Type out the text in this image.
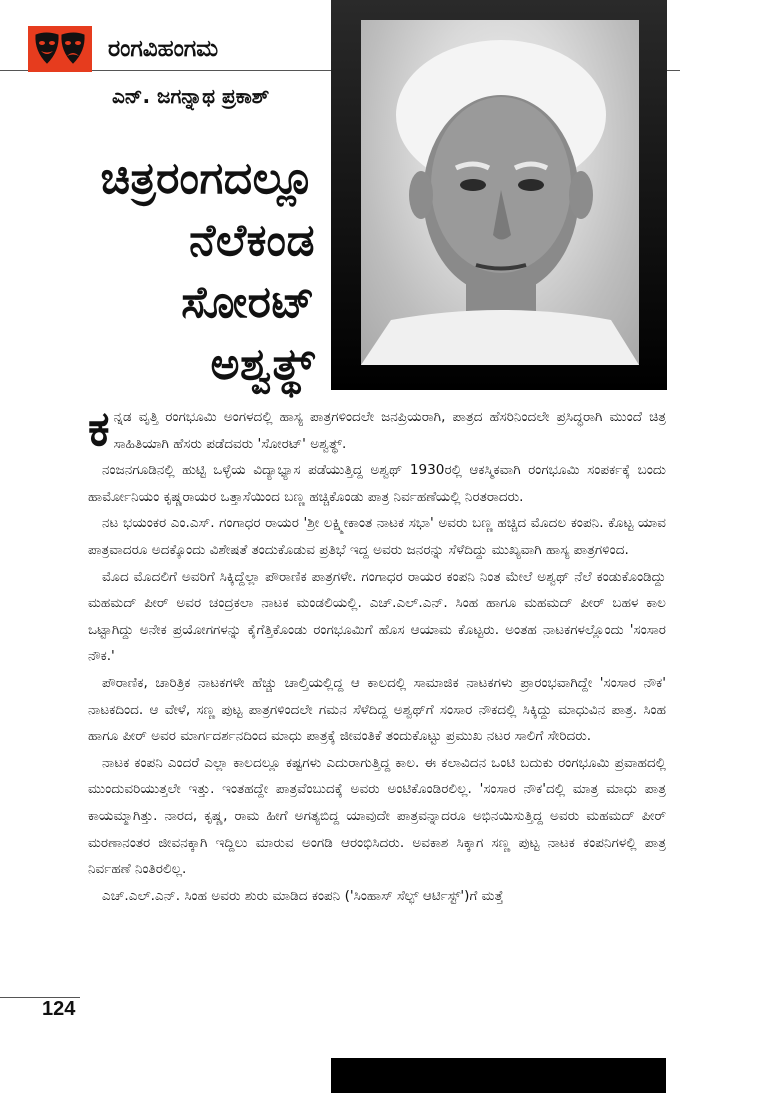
ರಂಗವಿಹಂಗಮ
ಎನ್. ಜಗನ್ನಾಥ ಪ್ರಕಾಶ್
ಚಿತ್ರರಂಗದಲ್ಲೂ
ನೆಲೆಕಂಡ
ಸೋರಟ್
ಅಶ್ವತ್ಥ್

ಕನ್ನಡ ವೃತ್ತಿ ರಂಗಭೂಮಿ ಅಂಗಳದಲ್ಲಿ ಹಾಸ್ಯ ಪಾತ್ರಗಳಿಂದಲೇ ಜನಪ್ರಿಯರಾಗಿ, ಪಾತ್ರದ ಹೆಸರಿನಿಂದಲೇ ಪ್ರಸಿದ್ಧರಾಗಿ ಮುಂದೆ ಚಿತ್ರ ಸಾಹಿತಿಯಾಗಿ ಹೆಸರು ಪಡೆದವರು 'ಸೋರಟ್' ಅಶ್ವತ್ಥ್.

ನಂಜನಗೂಡಿನಲ್ಲಿ ಹುಟ್ಟಿ ಒಳ್ಳೆಯ ವಿದ್ಯಾಭ್ಯಾಸ ಪಡೆಯುತ್ತಿದ್ದ ಅಶ್ವಥ್ 1930ರಲ್ಲಿ ಆಕಸ್ಮಿಕವಾಗಿ ರಂಗಭೂಮಿ ಸಂಪರ್ಕಕ್ಕೆ ಬಂದು ಹಾರ್ಮೋನಿಯಂ ಕೃಷ್ಣರಾಯರ ಒತ್ತಾಸೆಯಿಂದ ಬಣ್ಣ ಹಚ್ಚಿಕೊಂಡು ಪಾತ್ರ ನಿರ್ವಹಣೆಯಲ್ಲಿ ನಿರತರಾದರು.

ನಟ ಭಯಂಕರ ಎಂ.ಎಸ್. ಗಂಗಾಧರ ರಾಯರ 'ಶ್ರೀ ಲಕ್ಷ್ಮೀಕಾಂತ ನಾಟಕ ಸಭಾ' ಅವರು ಬಣ್ಣ ಹಚ್ಚಿದ ಮೊದಲ ಕಂಪನಿ. ಕೊಟ್ಟ ಯಾವ ಪಾತ್ರವಾದರೂ ಅದಕ್ಕೊಂದು ವಿಶೇಷತೆ ತಂದುಕೊಡುವ ಪ್ರತಿಭೆ ಇದ್ದ ಅವರು ಜನರನ್ನು ಸೆಳೆದಿದ್ದು ಮುಖ್ಯವಾಗಿ ಹಾಸ್ಯ ಪಾತ್ರಗಳಿಂದ.

ಮೊದ ಮೊದಲಿಗೆ ಅವರಿಗೆ ಸಿಕ್ಕಿದ್ದೆಲ್ಲಾ ಪೌರಾಣಿಕ ಪಾತ್ರಗಳೇ. ಗಂಗಾಧರ ರಾಯರ ಕಂಪನಿ ನಿಂತ ಮೇಲೆ ಅಶ್ವಥ್ ನೆಲೆ ಕಂಡುಕೊಂಡಿದ್ದು ಮಹಮದ್ ಪೀರ್ ಅವರ ಚಂದ್ರಕಲಾ ನಾಟಕ ಮಂಡಲಿಯಲ್ಲಿ. ಎಚ್.ಎಲ್.ಎನ್. ಸಿಂಹ ಹಾಗೂ ಮಹಮದ್ ಪೀರ್ ಬಹಳ ಕಾಲ ಒಟ್ಟಾಗಿದ್ದು ಅನೇಕ ಪ್ರಯೋಗಗಳನ್ನು ಕೈಗೆತ್ತಿಕೊಂಡು ರಂಗಭೂಮಿಗೆ ಹೊಸ ಆಯಾಮ ಕೊಟ್ಟರು. ಅಂತಹ ನಾಟಕಗಳಲ್ಲೊಂದು 'ಸಂಸಾರ ನೌಕ.'

ಪೌರಾಣಿಕ, ಚಾರಿತ್ರಿಕ ನಾಟಕಗಳೇ ಹೆಚ್ಚು ಚಾಲ್ತಿಯಲ್ಲಿದ್ದ ಆ ಕಾಲದಲ್ಲಿ ಸಾಮಾಜಿಕ ನಾಟಕಗಳು ಪ್ರಾರಂಭವಾಗಿದ್ದೇ 'ಸಂಸಾರ ನೌಕ' ನಾಟಕದಿಂದ. ಆ ವೇಳೆ, ಸಣ್ಣ ಪುಟ್ಟ ಪಾತ್ರಗಳಿಂದಲೇ ಗಮನ ಸೆಳೆದಿದ್ದ ಅಶ್ವಥ್‌ಗೆ ಸಂಸಾರ ನೌಕದಲ್ಲಿ ಸಿಕ್ಕಿದ್ದು ಮಾಧುವಿನ ಪಾತ್ರ. ಸಿಂಹ ಹಾಗೂ ಪೀರ್ ಅವರ ಮಾರ್ಗದರ್ಶನದಿಂದ ಮಾಧು ಪಾತ್ರಕ್ಕೆ ಜೀವಂತಿಕೆ ತಂದುಕೊಟ್ಟು ಪ್ರಮುಖ ನಟರ ಸಾಲಿಗೆ ಸೇರಿದರು.

ನಾಟಕ ಕಂಪನಿ ಎಂದರೆ ಎಲ್ಲಾ ಕಾಲದಲ್ಲೂ ಕಷ್ಟಗಳು ಎದುರಾಗುತ್ತಿದ್ದ ಕಾಲ. ಈ ಕಲಾವಿದನ ಒಂಟಿ ಬದುಕು ರಂಗಭೂಮಿ ಪ್ರವಾಹದಲ್ಲಿ ಮುಂದುವರಿಯುತ್ತಲೇ ಇತ್ತು. ಇಂತಹದ್ದೇ ಪಾತ್ರವೆಂಬುದಕ್ಕೆ ಅವರು ಅಂಟಿಕೊಂಡಿರಲಿಲ್ಲ. 'ಸಂಸಾರ ನೌಕ'ದಲ್ಲಿ ಮಾತ್ರ ಮಾಧು ಪಾತ್ರ ಕಾಯಮ್ಮಾಗಿತ್ತು. ನಾರದ, ಕೃಷ್ಣ, ರಾಮ ಹೀಗೆ ಅಗತ್ಯಬಿದ್ದ ಯಾವುದೇ ಪಾತ್ರವನ್ನಾದರೂ ಅಭಿನಯಿಸುತ್ತಿದ್ದ ಅವರು ಮಹಮದ್ ಪೀರ್ ಮರಣಾನಂತರ ಜೀವನಕ್ಕಾಗಿ ಇದ್ದಿಲು ಮಾರುವ ಅಂಗಡಿ ಆರಂಭಿಸಿದರು. ಅವಕಾಶ ಸಿಕ್ಕಾಗ ಸಣ್ಣ ಪುಟ್ಟ ನಾಟಕ ಕಂಪನಿಗಳಲ್ಲಿ ಪಾತ್ರ ನಿರ್ವಹಣೆ ನಿಂತಿರಲಿಲ್ಲ.

ಎಚ್.ಎಲ್.ಎನ್. ಸಿಂಹ ಅವರು ಶುರು ಮಾಡಿದ ಕಂಪನಿ ('ಸಿಂಹಾಸ್ ಸೆಲ್ಫ್ ಆರ್ಟಿಸ್ಟ್')ಗೆ ಮತ್ತೆ

124
